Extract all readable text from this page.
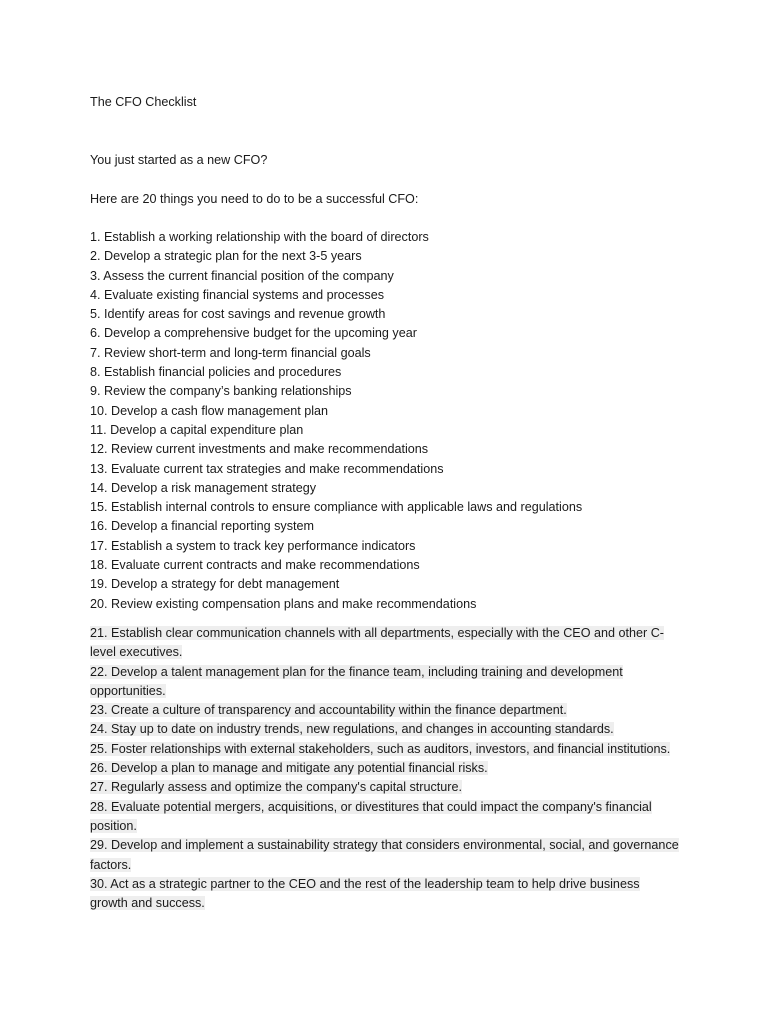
The CFO Checklist

You just started as a new CFO?

Here are 20 things you need to do to be a successful CFO:

1. Establish a working relationship with the board of directors
2. Develop a strategic plan for the next 3-5 years
3. Assess the current financial position of the company
4. Evaluate existing financial systems and processes
5. Identify areas for cost savings and revenue growth
6. Develop a comprehensive budget for the upcoming year
7. Review short-term and long-term financial goals
8. Establish financial policies and procedures
9. Review the company’s banking relationships
10. Develop a cash flow management plan
11. Develop a capital expenditure plan
12. Review current investments and make recommendations
13. Evaluate current tax strategies and make recommendations
14. Develop a risk management strategy
15. Establish internal controls to ensure compliance with applicable laws and regulations
16. Develop a financial reporting system
17. Establish a system to track key performance indicators
18. Evaluate current contracts and make recommendations
19. Develop a strategy for debt management
20. Review existing compensation plans and make recommendations
21. Establish clear communication channels with all departments, especially with the CEO and other C-level executives.
22. Develop a talent management plan for the finance team, including training and development opportunities.
23. Create a culture of transparency and accountability within the finance department.
24. Stay up to date on industry trends, new regulations, and changes in accounting standards.
25. Foster relationships with external stakeholders, such as auditors, investors, and financial institutions.
26. Develop a plan to manage and mitigate any potential financial risks.
27. Regularly assess and optimize the company's capital structure.
28. Evaluate potential mergers, acquisitions, or divestitures that could impact the company's financial position.
29. Develop and implement a sustainability strategy that considers environmental, social, and governance factors.
30. Act as a strategic partner to the CEO and the rest of the leadership team to help drive business growth and success.
